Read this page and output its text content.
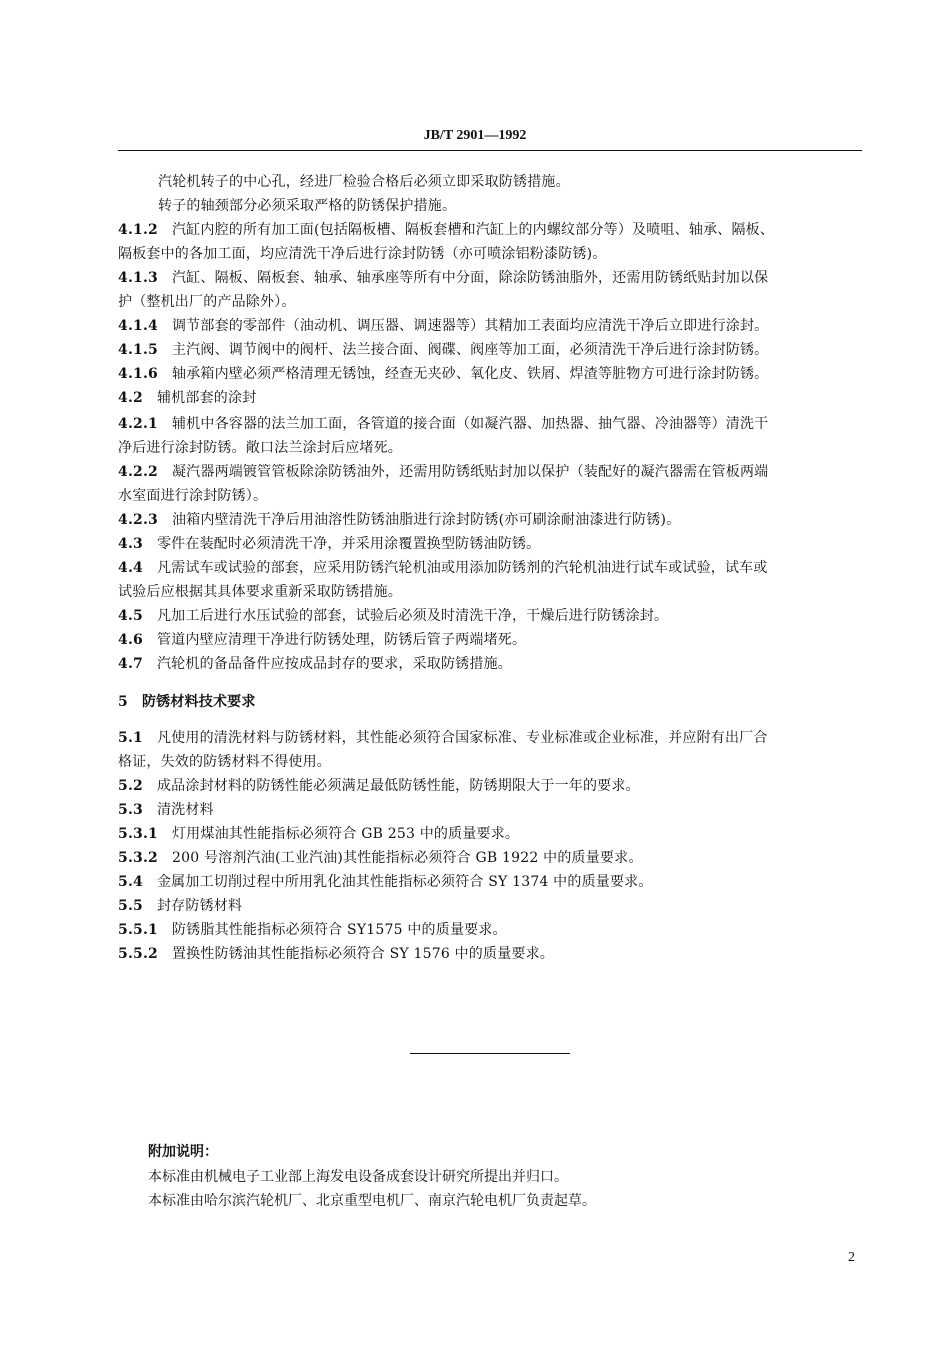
JB/T 2901—1992
汽轮机转子的中心孔，经进厂检验合格后必须立即采取防锈措施。
转子的轴颈部分必须采取严格的防锈保护措施。
4.1.2 汽缸内腔的所有加工面(包括隔板槽、隔板套槽和汽缸上的内螺纹部分等）及喷咀、轴承、隔板、
隔板套中的各加工面，均应清洗干净后进行涂封防锈（亦可喷涂铝粉漆防锈)。
4.1.3 汽缸、隔板、隔板套、轴承、轴承座等所有中分面，除涂防锈油脂外，还需用防锈纸贴封加以保
护（整机出厂的产品除外）。
4.1.4 调节部套的零部件（油动机、调压器、调速器等）其精加工表面均应清洗干净后立即进行涂封。
4.1.5 主汽阀、调节阀中的阀杆、法兰接合面、阀碟、阀座等加工面，必须清洗干净后进行涂封防锈。
4.1.6 轴承箱内壁必须严格清理无锈蚀，经查无夹砂、氧化皮、铁屑、焊渣等脏物方可进行涂封防锈。
4.2 辅机部套的涂封
4.2.1 辅机中各容器的法兰加工面，各管道的接合面（如凝汽器、加热器、抽气器、冷油器等）清洗干
净后进行涂封防锈。敞口法兰涂封后应堵死。
4.2.2 凝汽器两端镀管管板除涂防锈油外，还需用防锈纸贴封加以保护（装配好的凝汽器需在管板两端
水室面进行涂封防锈）。
4.2.3 油箱内壁清洗干净后用油溶性防锈油脂进行涂封防锈(亦可刷涂耐油漆进行防锈)。
4.3 零件在装配时必须清洗干净，并采用涂覆置换型防锈油防锈。
4.4 凡需试车或试验的部套，应采用防锈汽轮机油或用添加防锈剂的汽轮机油进行试车或试验，试车或
试验后应根据其具体要求重新采取防锈措施。
4.5 凡加工后进行水压试验的部套，试验后必须及时清洗干净，干燥后进行防锈涂封。
4.6 管道内壁应清理干净进行防锈处理，防锈后管子两端堵死。
4.7 汽轮机的备品备件应按成品封存的要求，采取防锈措施。
5 防锈材料技术要求
5.1 凡使用的清洗材料与防锈材料，其性能必须符合国家标准、专业标准或企业标准，并应附有出厂合
格证，失效的防锈材料不得使用。
5.2 成品涂封材料的防锈性能必须满足最低防锈性能，防锈期限大于一年的要求。
5.3 清洗材料
5.3.1 灯用煤油其性能指标必须符合 GB 253 中的质量要求。
5.3.2 200 号溶剂汽油(工业汽油)其性能指标必须符合 GB 1922 中的质量要求。
5.4 金属加工切削过程中所用乳化油其性能指标必须符合 SY 1374 中的质量要求。
5.5 封存防锈材料
5.5.1 防锈脂其性能指标必须符合 SY1575 中的质量要求。
5.5.2 置换性防锈油其性能指标必须符合 SY 1576 中的质量要求。
附加说明：
本标准由机械电子工业部上海发电设备成套设计研究所提出并归口。
本标准由哈尔滨汽轮机厂、北京重型电机厂、南京汽轮电机厂负责起草。
2
